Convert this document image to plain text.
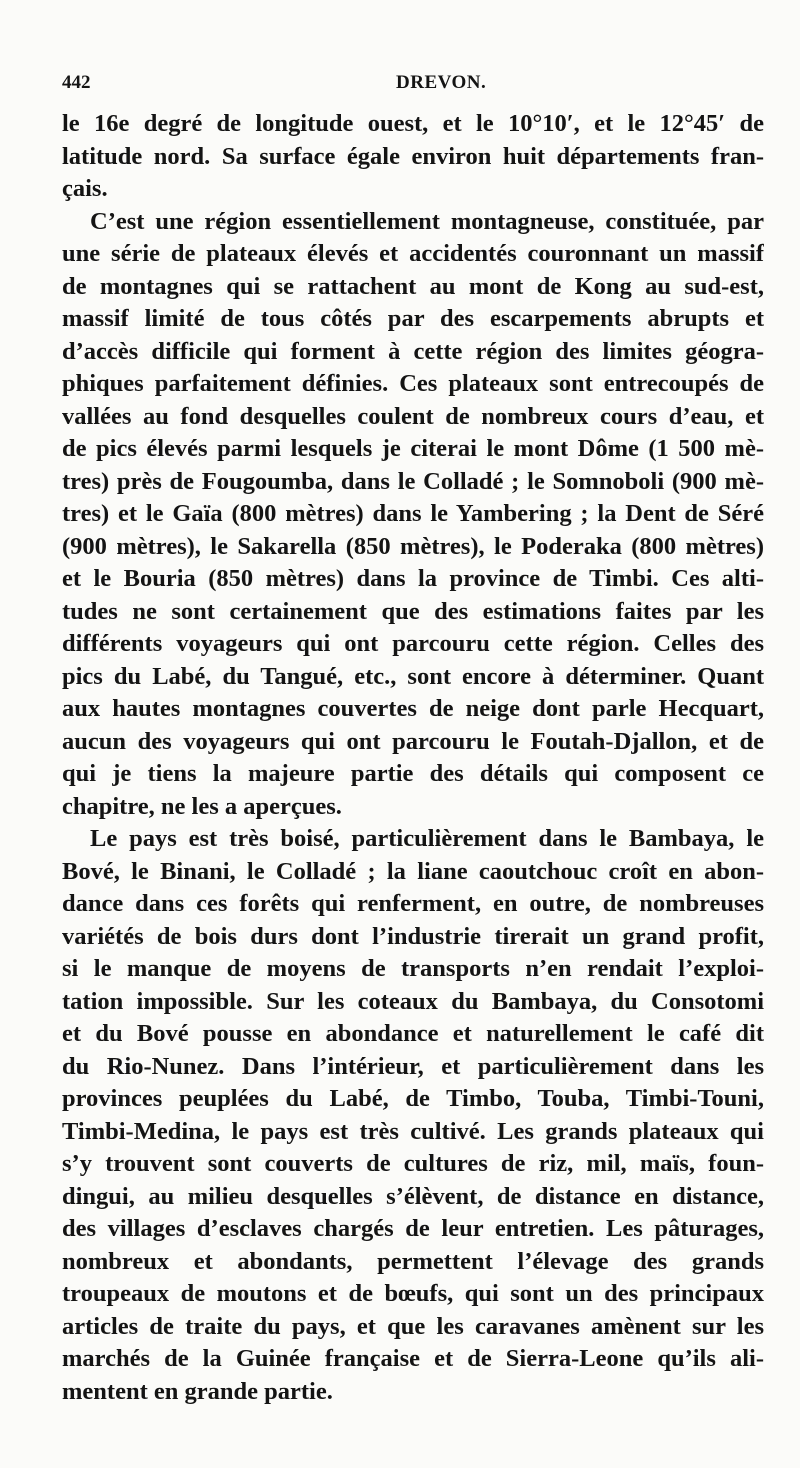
442	DREVON.
le 16e degré de longitude ouest, et le 10°10′, et le 12°45′ de
latitude nord. Sa surface égale environ huit départements fran-
çais.
C’est une région essentiellement montagneuse, constituée, par
une série de plateaux élevés et accidentés couronnant un massif
de montagnes qui se rattachent au mont de Kong au sud-est,
massif limité de tous côtés par des escarpements abrupts et
d’accès difficile qui forment à cette région des limites géogra-
phiques parfaitement définies. Ces plateaux sont entrecoupés de
vallées au fond desquelles coulent de nombreux cours d’eau, et
de pics élevés parmi lesquels je citerai le mont Dôme (1 500 mè-
tres) près de Fougoumba, dans le Colladé ; le Somnoboli (900 mè-
tres) et le Gaïa (800 mètres) dans le Yambering ; la Dent de Séré
(900 mètres), le Sakarella (850 mètres), le Poderaka (800 mètres)
et le Bouria (850 mètres) dans la province de Timbi. Ces alti-
tudes ne sont certainement que des estimations faites par les
différents voyageurs qui ont parcouru cette région. Celles des
pics du Labé, du Tangué, etc., sont encore à déterminer. Quant
aux hautes montagnes couvertes de neige dont parle Hecquart,
aucun des voyageurs qui ont parcouru le Foutah-Djallon, et de
qui je tiens la majeure partie des détails qui composent ce
chapitre, ne les a aperçues.
Le pays est très boisé, particulièrement dans le Bambaya, le
Bové, le Binani, le Colladé ; la liane caoutchouc croît en abon-
dance dans ces forêts qui renferment, en outre, de nombreuses
variétés de bois durs dont l’industrie tirerait un grand profit,
si le manque de moyens de transports n’en rendait l’exploi-
tation impossible. Sur les coteaux du Bambaya, du Consotomi
et du Bové pousse en abondance et naturellement le café dit
du Rio-Nunez. Dans l’intérieur, et particulièrement dans les
provinces peuplées du Labé, de Timbo, Touba, Timbi-Touni,
Timbi-Medina, le pays est très cultivé. Les grands plateaux qui
s’y trouvent sont couverts de cultures de riz, mil, maïs, foun-
dingui, au milieu desquelles s’élèvent, de distance en distance,
des villages d’esclaves chargés de leur entretien. Les pâturages,
nombreux et abondants, permettent l’élevage des grands
troupeaux de moutons et de bœufs, qui sont un des principaux
articles de traite du pays, et que les caravanes amènent sur les
marchés de la Guinée française et de Sierra-Leone qu’ils ali-
mentent en grande partie.
